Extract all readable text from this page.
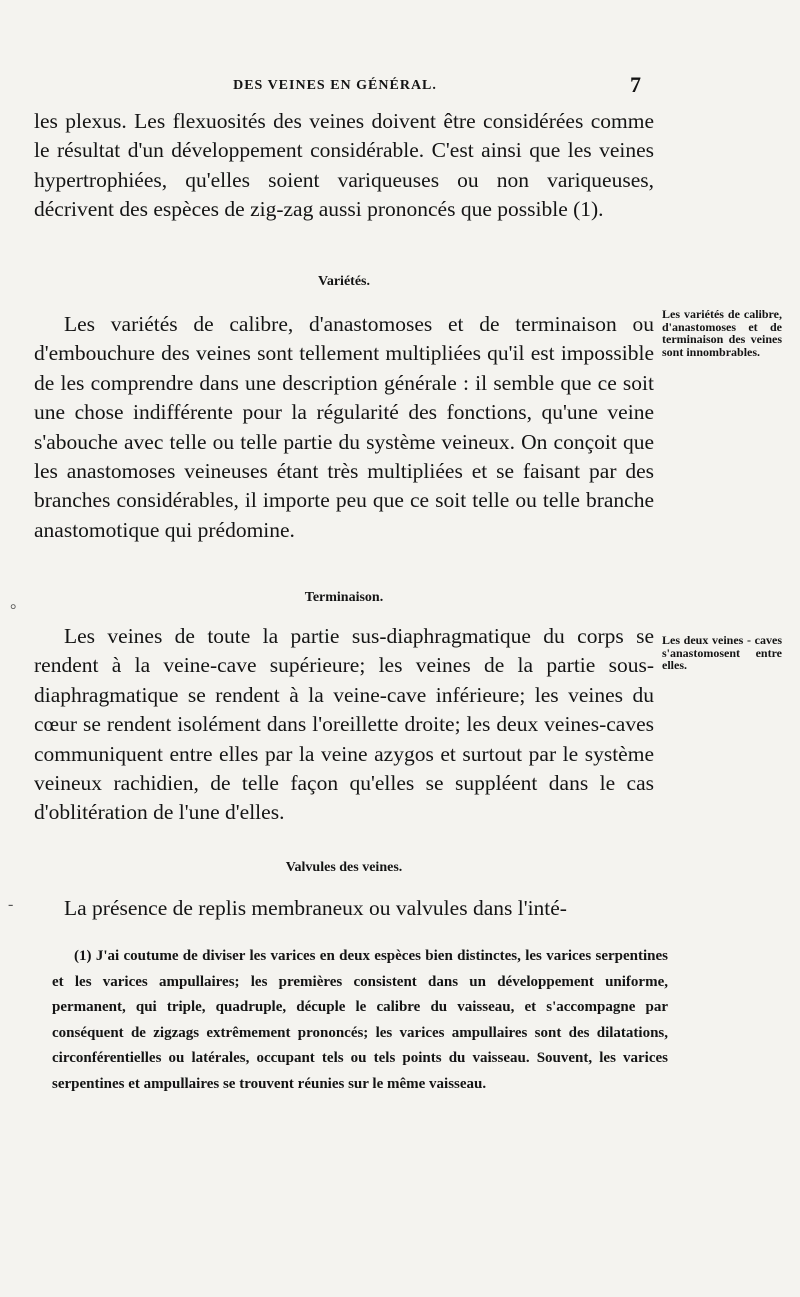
DES VEINES EN GÉNÉRAL.	7

les plexus. Les flexuosités des veines doivent être considérées comme le résultat d'un développement considérable. C'est ainsi que les veines hypertrophiées, qu'elles soient variqueuses ou non variqueuses, décrivent des espèces de zig-zag aussi prononcés que possible (1).

Variétés.

Les variétés de calibre, d'anastomoses et de terminaison ou d'embouchure des veines sont tellement multipliées qu'il est impossible de les comprendre dans une description générale : il semble que ce soit une chose indifférente pour la régularité des fonctions, qu'une veine s'abouche avec telle ou telle partie du système veineux. On conçoit que les anastomoses veineuses étant très multipliées et se faisant par des branches considérables, il importe peu que ce soit telle ou telle branche anastomotique qui prédomine.

Les variétés de calibre, d'anastomoses et de terminaison des veines sont innombrables.
Terminaison.

Les veines de toute la partie sus-diaphragmatique du corps se rendent à la veine-cave supérieure; les veines de la partie sous-diaphragmatique se rendent à la veine-cave inférieure; les veines du cœur se rendent isolément dans l'oreillette droite; les deux veines-caves communiquent entre elles par la veine azygos et surtout par le système veineux rachidien, de telle façon qu'elles se suppléent dans le cas d'oblitération de l'une d'elles.

Les deux veines - caves s'anastomosent entre elles.
Valvules des veines.

La présence de replis membraneux ou valvules dans l'inté-

(1) J'ai coutume de diviser les varices en deux espèces bien distinctes, les varices serpentines et les varices ampullaires; les premières consistent dans un développement uniforme, permanent, qui triple, quadruple, décuple le calibre du vaisseau, et s'accompagne par conséquent de zigzags extrêmement prononcés; les varices ampullaires sont des dilatations, circonférentielles ou latérales, occupant tels ou tels points du vaisseau. Souvent, les varices serpentines et ampullaires se trouvent réunies sur le même vaisseau.

°
-
